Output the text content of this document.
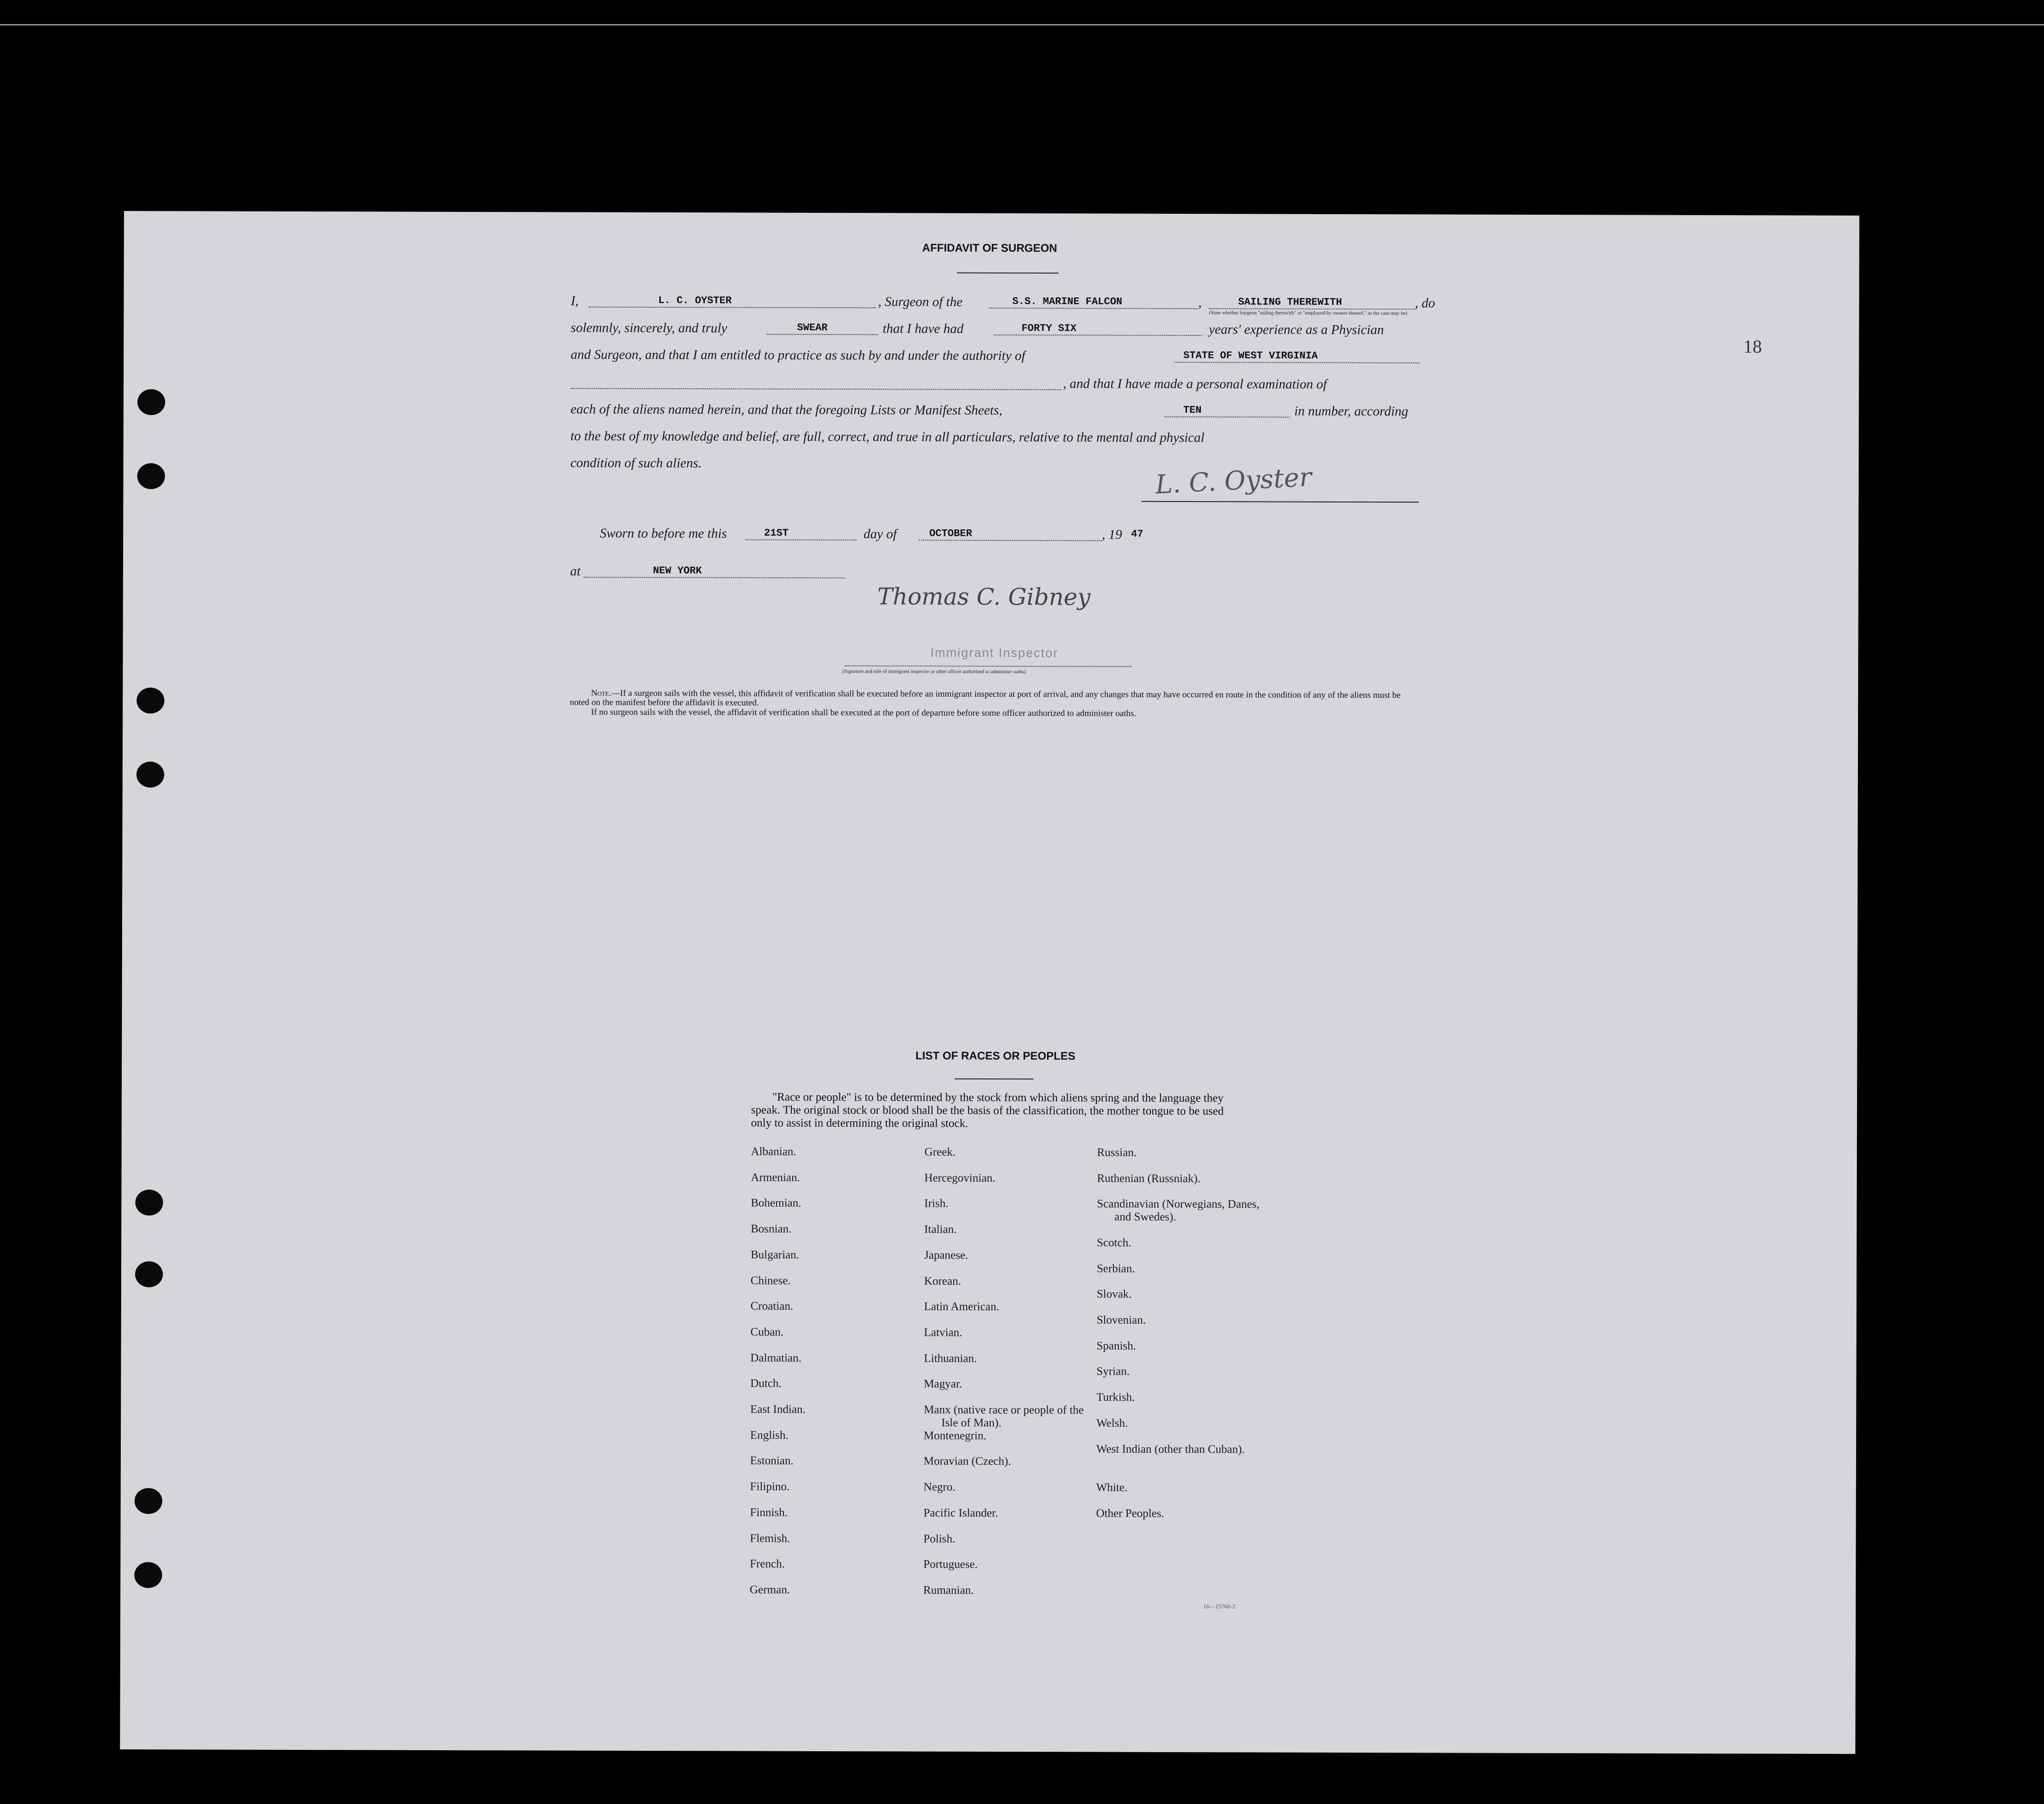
18
AFFIDAVIT OF SURGEON
I,	L. C. OYSTER	, Surgeon of the	S.S. MARINE FALCON	,	SAILING THEREWITH
(State whether Surgeon "sailing therewith" or "employed by owners thereof," as the case may be)
, do
solemnly, sincerely, and truly	SWEAR	that I have had	FORTY SIX	years' experience as a Physician
and Surgeon, and that I am entitled to practice as such by and under the authority of	STATE OF WEST VIRGINIA
, and that I have made a personal examination of
each of the aliens named herein, and that the foregoing Lists or Manifest Sheets,	TEN	in number, according
to the best of my knowledge and belief, are full, correct, and true in all particulars, relative to the mental and physical
condition of such aliens.	L. C. Oyster
Sworn to before me this	21ST	day of	OCTOBER	, 19 47
at	NEW YORK
Thomas C. Gibney
Immigrant Inspector
(Signature and title of immigrant inspector or other officer authorized to administer oaths)
Note.—If a surgeon sails with the vessel, this affidavit of verification shall be executed before an immigrant inspector at port of arrival, and any changes that may have occurred en route in the condition of any of the aliens must be noted on the manifest before the affidavit is executed.
If no surgeon sails with the vessel, the affidavit of verification shall be executed at the port of departure before some officer authorized to administer oaths.
LIST OF RACES OR PEOPLES
"Race or people" is to be determined by the stock from which aliens spring and the language they speak. The original stock or blood shall be the basis of the classification, the mother tongue to be used only to assist in determining the original stock.
Albanian.
Armenian.
Bohemian.
Bosnian.
Bulgarian.
Chinese.
Croatian.
Cuban.
Dalmatian.
Dutch.
East Indian.
English.
Estonian.
Filipino.
Finnish.
Flemish.
French.
German.
Greek.
Hercegovinian.
Irish.
Italian.
Japanese.
Korean.
Latin American.
Latvian.
Lithuanian.
Magyar.
Manx (native race or people of the Isle of Man).
Montenegrin.
Moravian (Czech).
Negro.
Pacific Islander.
Polish.
Portuguese.
Rumanian.
Russian.
Ruthenian (Russniak).
Scandinavian (Norwegians, Danes, and Swedes).
Scotch.
Serbian.
Slovak.
Slovenian.
Spanish.
Syrian.
Turkish.
Welsh.
West Indian (other than Cuban).
White.
Other Peoples.
16—15760-2
